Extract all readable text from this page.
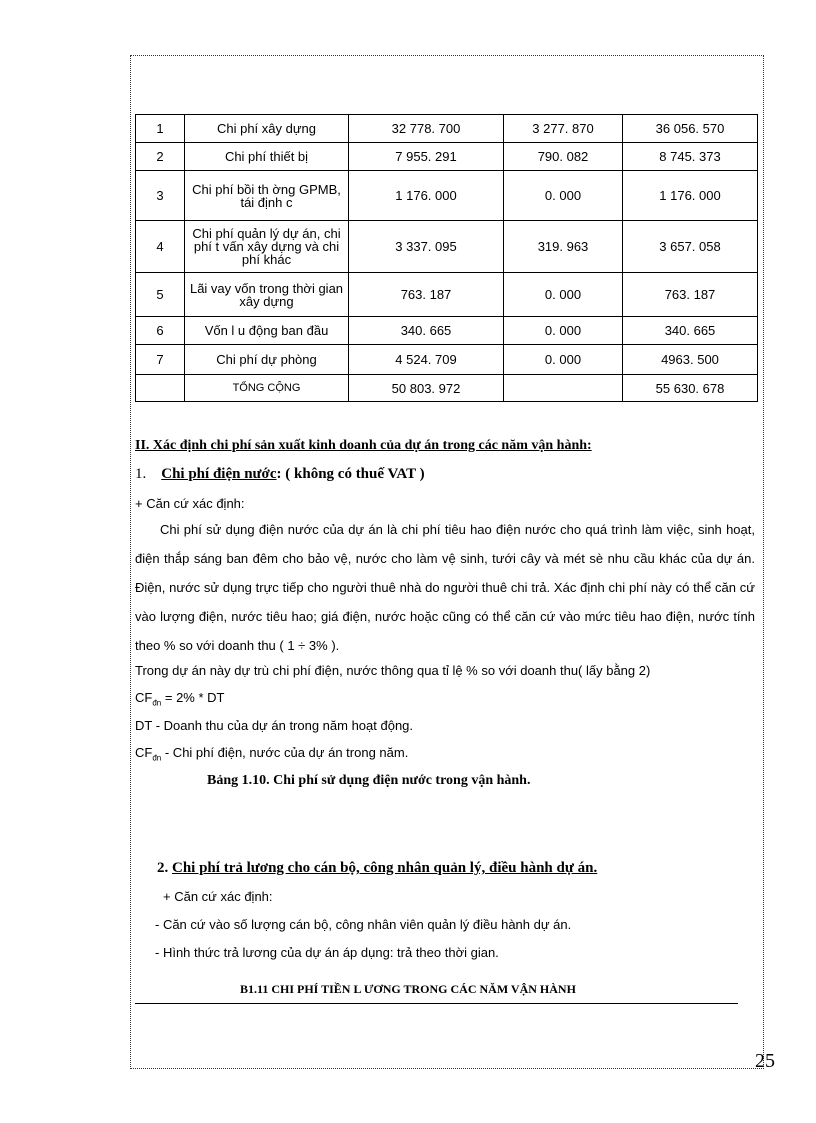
1	Chi phí xây dựng	32 778. 700	3 277. 870	36 056. 570
2	Chi phí thiết bị	7 955. 291	790. 082	8 745. 373
3	Chi phí bồi th ờng GPMB, tái định c	1 176. 000	0. 000	1 176. 000
4	Chi phí quản lý dự án, chi phí t vấn xây dựng và chi phí khác	3 337. 095	319. 963	3 657. 058
5	Lãi vay vốn trong thời gian xây dựng	763. 187	0. 000	763. 187
6	Vốn l u động ban đầu	340. 665	0. 000	340. 665
7	Chi phí dự phòng	4 524. 709	0. 000	4963. 500
	TỔNG CỘNG	50 803. 972		55 630. 678
II. Xác định chi phí sản xuất kinh doanh của dự án trong các năm vận hành:
1. Chi phí điện nước: ( không có thuế VAT )
+ Căn cứ xác định:
Chi phí sử dụng điện nước của dự án là chi phí tiêu hao điện nước cho quá trình làm việc, sinh hoạt, điện thắp sáng ban đêm cho bảo vệ, nước cho làm vệ sinh, tưới cây và mét sè nhu cầu khác của dự án. Điện, nước sử dụng trực tiếp cho người thuê nhà do người thuê chi trả. Xác định chi phí này có thể căn cứ vào lượng điện, nước tiêu hao; giá điện, nước hoặc cũng có thể căn cứ vào mức tiêu hao điện, nước tính theo % so với doanh thu ( 1 ÷ 3% ).
Trong dự án này dự trù chi phí điện, nước thông qua tỉ lệ % so với doanh thu( lấy bằng 2)
$CF_{đn} = 2\%$ * DT
DT - Doanh thu của dự án trong năm hoạt động.
$CF_{đn}$ - Chi phí điện, nước của dự án trong năm.
Bảng 1.10. Chi phí sử dụng điện nước trong vận hành.
2. Chi phí trả lương cho cán bộ, công nhân quản lý, điều hành dự án.
+ Căn cứ xác định:
- Căn cứ vào số lượng cán bộ, công nhân viên quản lý điều hành dự án.
- Hình thức trả lương của dự án áp dụng: trả theo thời gian.
B1.11 CHI PHÍ TIỀN L ƯƠNG TRONG CÁC NĂM VẬN HÀNH
25
